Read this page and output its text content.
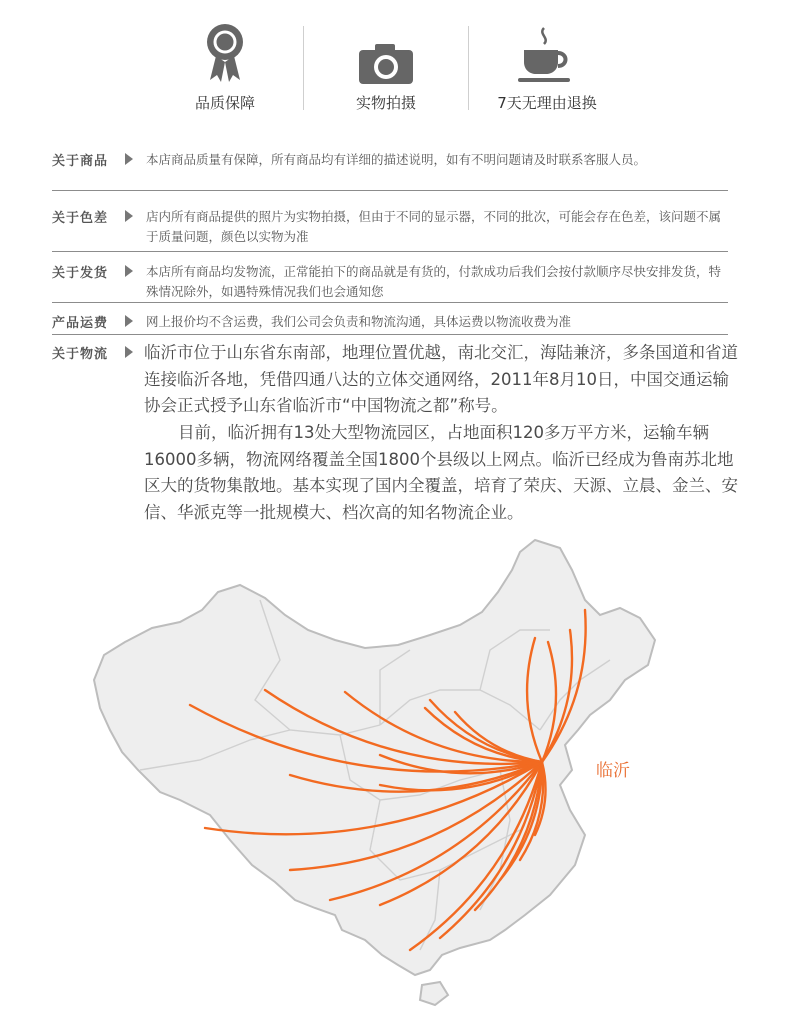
品质保障	实物拍摄	7天无理由退换
关于商品	本店商品质量有保障，所有商品均有详细的描述说明，如有不明问题请及时联系客服人员。
关于色差	店内所有商品提供的照片为实物拍摄，但由于不同的显示器，不同的批次，可能会存在色差，该问题不属于质量问题，颜色以实物为准
关于发货	本店所有商品均发物流，正常能拍下的商品就是有货的，付款成功后我们会按付款顺序尽快安排发货，特殊情况除外，如遇特殊情况我们也会通知您
产品运费	网上报价均不含运费，我们公司会负责和物流沟通，具体运费以物流收费为准
关于物流 临沂市位于山东省东南部，地理位置优越，南北交汇，海陆兼济，多条国道和省道连接临沂各地，凭借四通八达的立体交通网络，2011年8月10日，中国交通运输协会正式授予山东省临沂市“中国物流之都”称号。
目前，临沂拥有13处大型物流园区，占地面积120多万平方米，运输车辆16000多辆，物流网络覆盖全国1800个县级以上网点。临沂已经成为鲁南苏北地区大的货物集散地。基本实现了国内全覆盖，培育了荣庆、天源、立晨、金兰、安信、华派克等一批规模大、档次高的知名物流企业。
临沂
